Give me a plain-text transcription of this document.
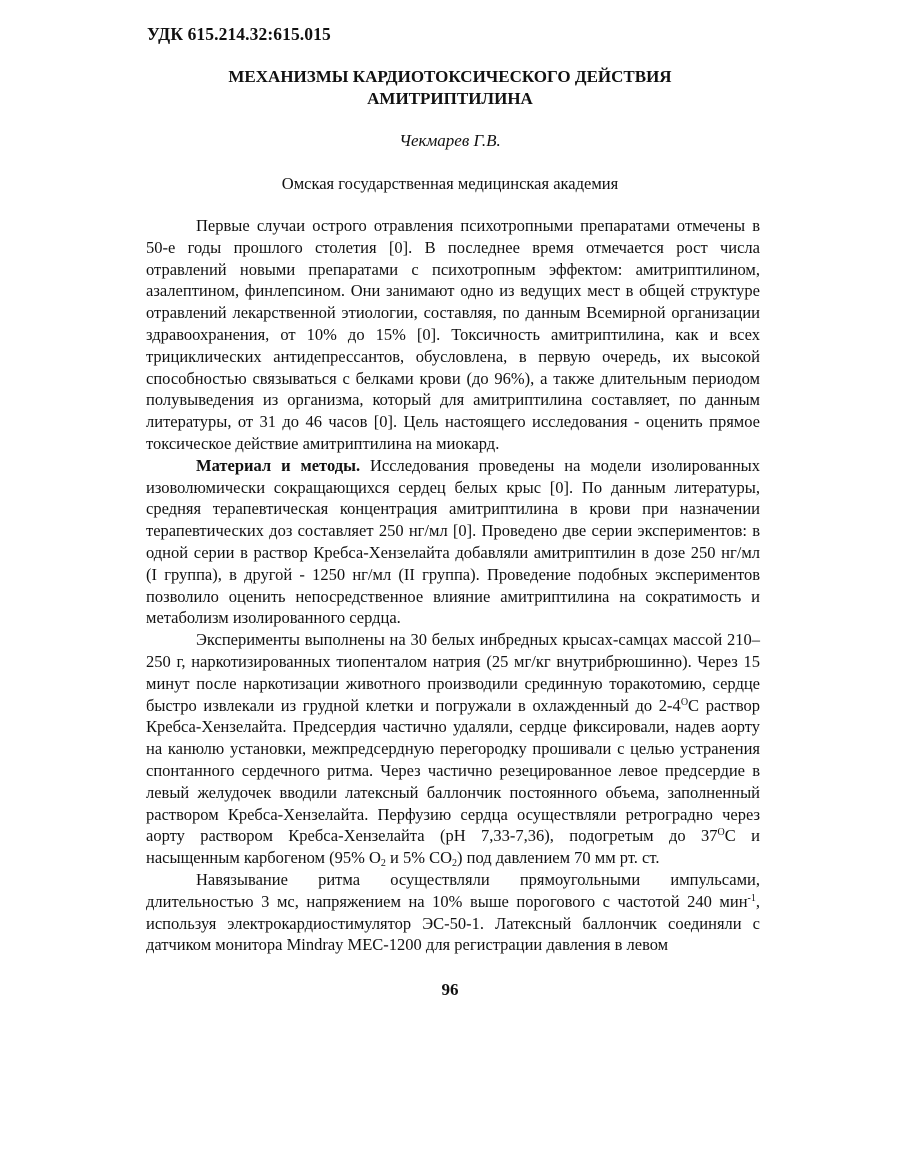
УДК 615.214.32:615.015
МЕХАНИЗМЫ КАРДИОТОКСИЧЕСКОГО ДЕЙСТВИЯ
АМИТРИПТИЛИНА
Чекмарев Г.В.
Омская государственная медицинская академия

Первые случаи острого отравления психотропными препаратами отмечены в 50-е годы прошлого столетия [0]. В последнее время отмечается рост числа отравлений новыми препаратами с психотропным эффектом: амитриптилином, азалептином, финлепсином. Они занимают одно из ведущих мест в общей структуре отравлений лекарственной этиологии, составляя, по данным Всемирной организации здравоохранения, от 10% до 15% [0]. Токсичность амитриптилина, как и всех трициклических антидепрессантов, обусловлена, в первую очередь, их высокой способностью связываться с белками крови (до 96%), а также длительным периодом полувыведения из организма, который для амитриптилина составляет, по данным литературы, от 31 до 46 часов [0]. Цель настоящего исследования - оценить прямое токсическое действие амитриптилина на миокард.

Материал и методы. Исследования проведены на модели изолированных изоволюмически сокращающихся сердец белых крыс [0]. По данным литературы, средняя терапевтическая концентрация амитриптилина в крови при назначении терапевтических доз составляет 250 нг/мл [0]. Проведено две серии экспериментов: в одной серии в раствор Кребса-Хензелайта добавляли амитриптилин в дозе 250 нг/мл (I группа), в другой - 1250 нг/мл (II группа). Проведение подобных экспериментов позволило оценить непосредственное влияние амитриптилина на сократимость и метаболизм изолированного сердца.

Эксперименты выполнены на 30 белых инбредных крысах-самцах массой 210–250 г, наркотизированных тиопенталом натрия (25 мг/кг внутрибрюшинно). Через 15 минут после наркотизации животного производили срединную торакотомию, сердце быстро извлекали из грудной клетки и погружали в охлажденный до $2-4^ОС$ раствор Кребса-Хензелайта. Предсердия частично удаляли, сердце фиксировали, надев аорту на канюлю установки, межпредсердную перегородку прошивали с целью устранения спонтанного сердечного ритма. Через частично резецированное левое предсердие в левый желудочек вводили латексный баллончик постоянного объема, заполненный раствором Кребса-Хензелайта. Перфузию сердца осуществляли ретроградно через аорту раствором Кребса-Хензелайта (pH 7,33-7,36), подогретым до $37^ОС$ и насыщенным карбогеном (95% $О_2$ и 5% $СО_2$) под давлением 70 мм рт. ст.

Навязывание ритма осуществляли прямоугольными импульсами, длительностью 3 мс, напряжением на 10% выше порогового с частотой 240 мин$^{-1}$, используя электрокардиостимулятор ЭС-50-1. Латексный баллончик соединяли с датчиком монитора Mindray MEC-1200 для регистрации давления в левом

96
